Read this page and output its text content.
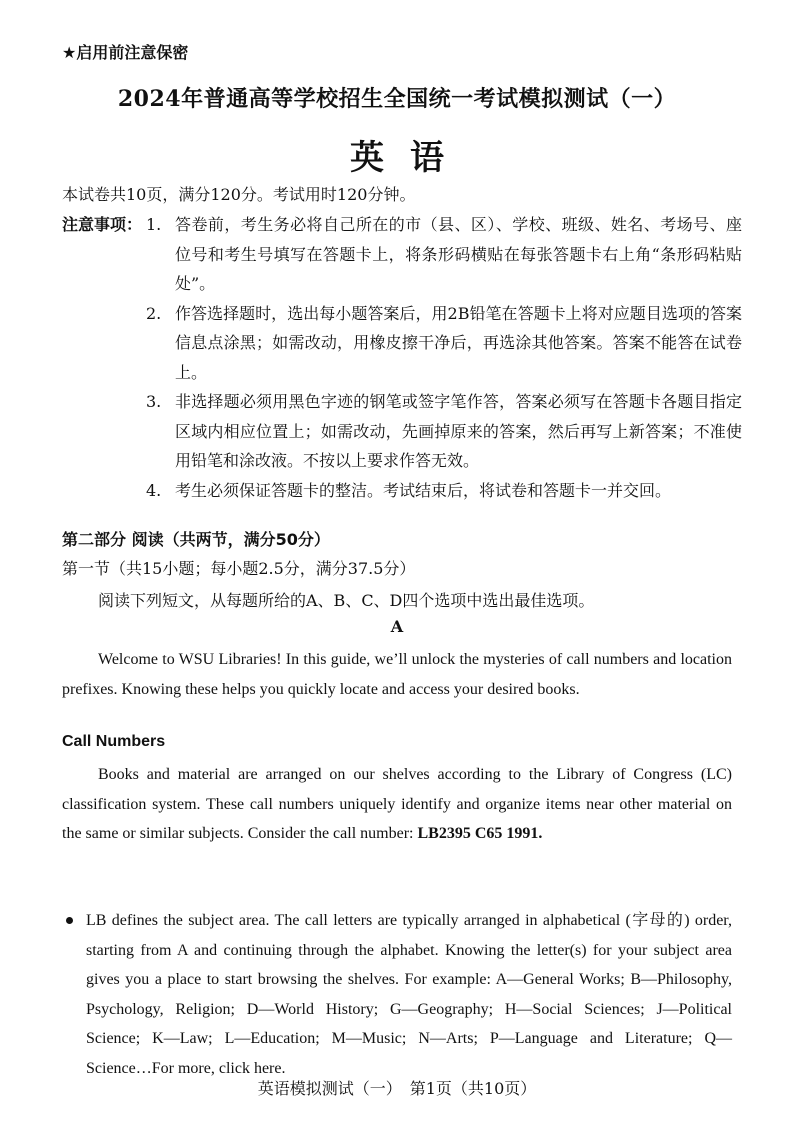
★启用前注意保密
2024年普通高等学校招生全国统一考试模拟测试（一）
英语
本试卷共10页，满分120分。考试用时120分钟。
注意事项： 1. 答卷前，考生务必将自己所在的市（县、区）、学校、班级、姓名、考场号、座位号和考生号填写在答题卡上，将条形码横贴在每张答题卡右上角“条形码粘贴处”。
2. 作答选择题时，选出每小题答案后，用2B铅笔在答题卡上将对应题目选项的答案信息点涂黑；如需改动，用橡皮擦干净后，再选涂其他答案。答案不能答在试卷上。
3. 非选择题必须用黑色字迹的钢笔或签字笔作答，答案必须写在答题卡各题目指定区域内相应位置上；如需改动，先画掉原来的答案，然后再写上新答案；不准使用铅笔和涂改液。不按以上要求作答无效。
4. 考生必须保证答题卡的整洁。考试结束后，将试卷和答题卡一并交回。
第二部分 阅读（共两节，满分50分）
第一节（共15小题；每小题2.5分，满分37.5分）
阅读下列短文，从每题所给的A、B、C、D四个选项中选出最佳选项。
A
Welcome to WSU Libraries! In this guide, we’ll unlock the mysteries of call numbers and location prefixes. Knowing these helps you quickly locate and access your desired books.
Call Numbers
Books and material are arranged on our shelves according to the Library of Congress (LC) classification system. These call numbers uniquely identify and organize items near other material on the same or similar subjects. Consider the call number: LB2395 C65 1991.
LB defines the subject area. The call letters are typically arranged in alphabetical (字母的) order, starting from A and continuing through the alphabet. Knowing the letter(s) for your subject area gives you a place to start browsing the shelves. For example: A—General Works; B—Philosophy, Psychology, Religion; D—World History; G—Geography; H—Social Sciences; J—Political Science; K—Law; L—Education; M—Music; N—Arts; P—Language and Literature; Q—Science…For more, click here.
英语模拟测试（一）　第1页（共10页）
